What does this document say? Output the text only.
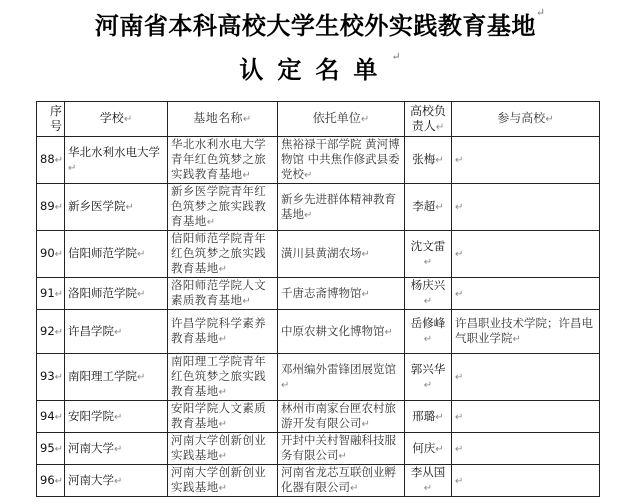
河南省本科高校大学生校外实践教育基地↵
认定名单↵
序号	学校↵	基地名称↵	依托单位↵	高校负责人↵	参与高校↵
88↵	华北水利水电大学↵	华北水利水电大学青年红色筑梦之旅实践教育基地↵	焦裕禄干部学院 黄河博物馆 中共焦作修武县委党校↵	张梅↵	↵
89↵	新乡医学院↵	新乡医学院青年红色筑梦之旅实践教育基地↵	新乡先进群体精神教育基地↵	李超↵	↵
90↵	信阳师范学院↵	信阳师范学院青年红色筑梦之旅实践教育基地↵	潢川县黄湖农场↵	沈文雷↵	↵
91↵	洛阳师范学院↵	洛阳师范学院人文素质教育基地↵	千唐志斋博物馆↵	杨庆兴↵	↵
92↵	许昌学院↵	许昌学院科学素养教育基地↵	中原农耕文化博物馆↵	岳修峰↵	许昌职业技术学院；许昌电气职业学院↵
93↵	南阳理工学院↵	南阳理工学院青年红色筑梦之旅实践教育基地↵	邓州编外雷锋团展览馆↵	郭兴华↵	↵
94↵	安阳学院↵	安阳学院人文素质教育基地↵	林州市南家台匣农村旅游开发有限公司↵	邢璐↵	↵
95↵	河南大学↵	河南大学创新创业实践基地↵	开封中关村智融科技服务有限公司↵	何庆↵	↵
96↵	河南大学↵	河南大学创新创业实践基地↵	河南省龙芯互联创业孵化器有限公司↵	李从国↵	↵
